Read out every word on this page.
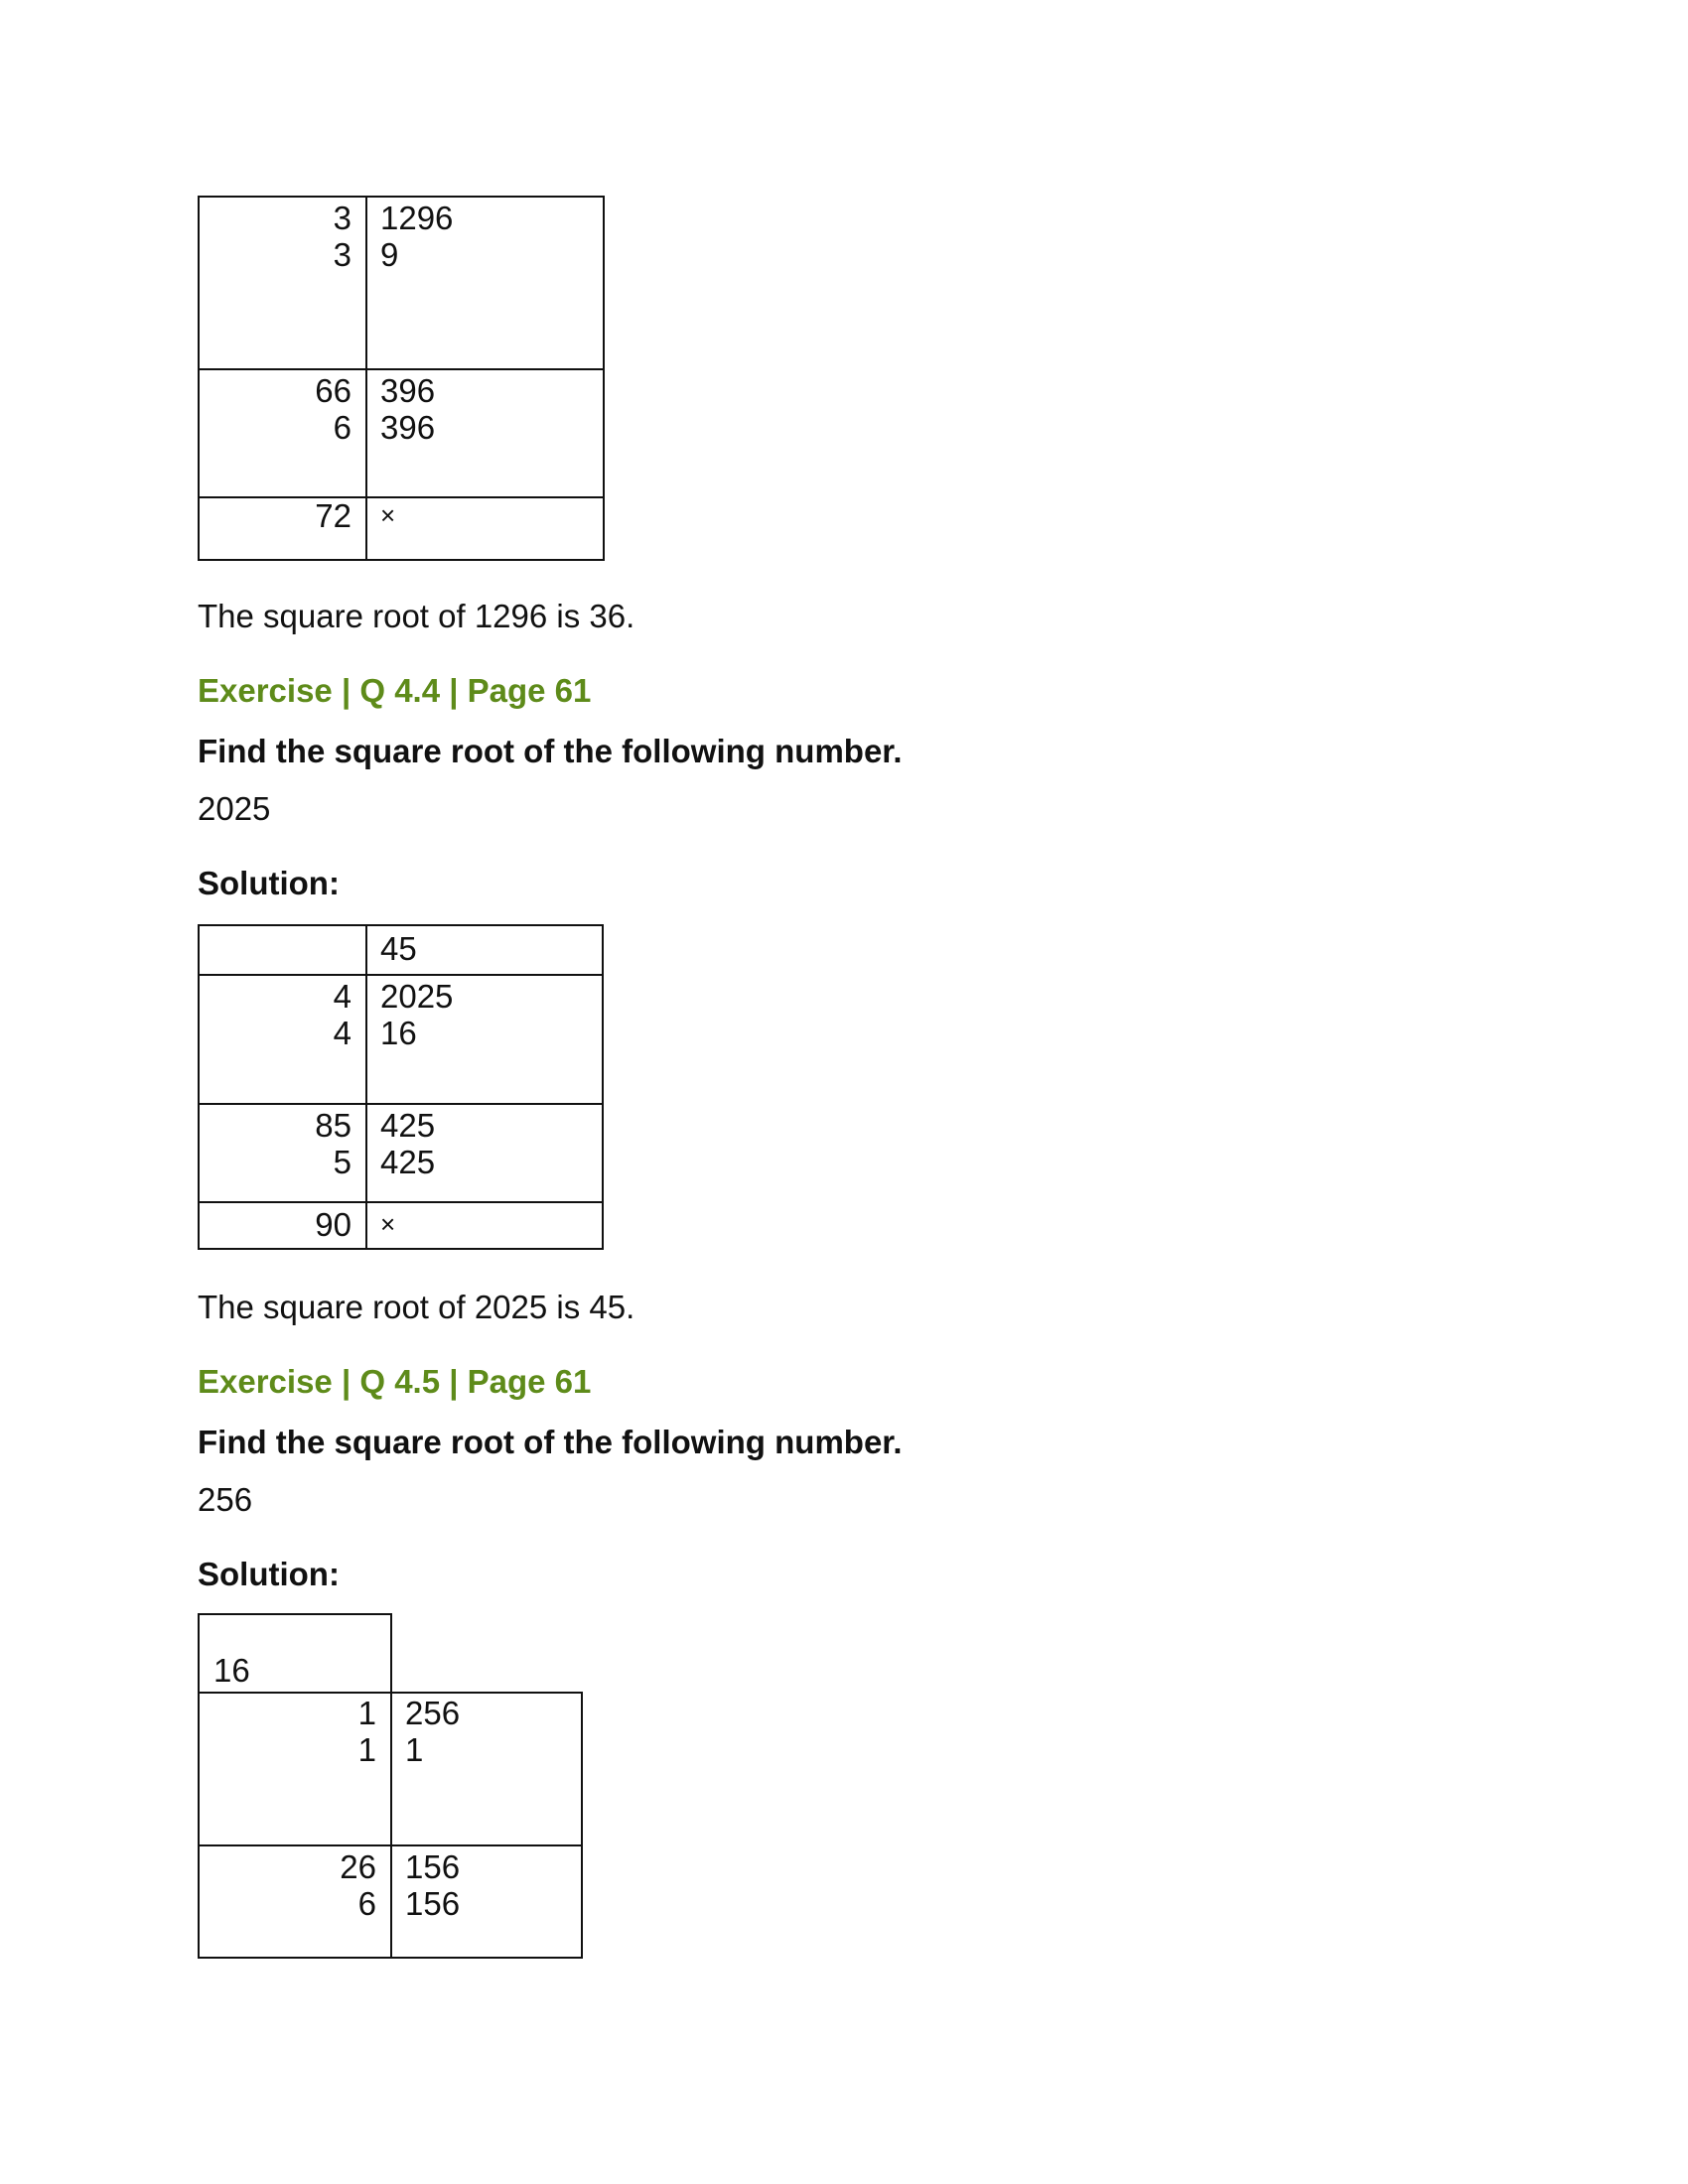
3
3
1296
9
66
6
396
396
72 ×
The square root of 1296 is 36.
Exercise | Q 4.4 | Page 61
Find the square root of the following number.
2025
Solution:
45
4
4
2025
16
85
5
425
425
90 ×
The square root of 2025 is 45.
Exercise | Q 4.5 | Page 61
Find the square root of the following number.
256
Solution:
16
1
1
256
1
26
6
156
156
